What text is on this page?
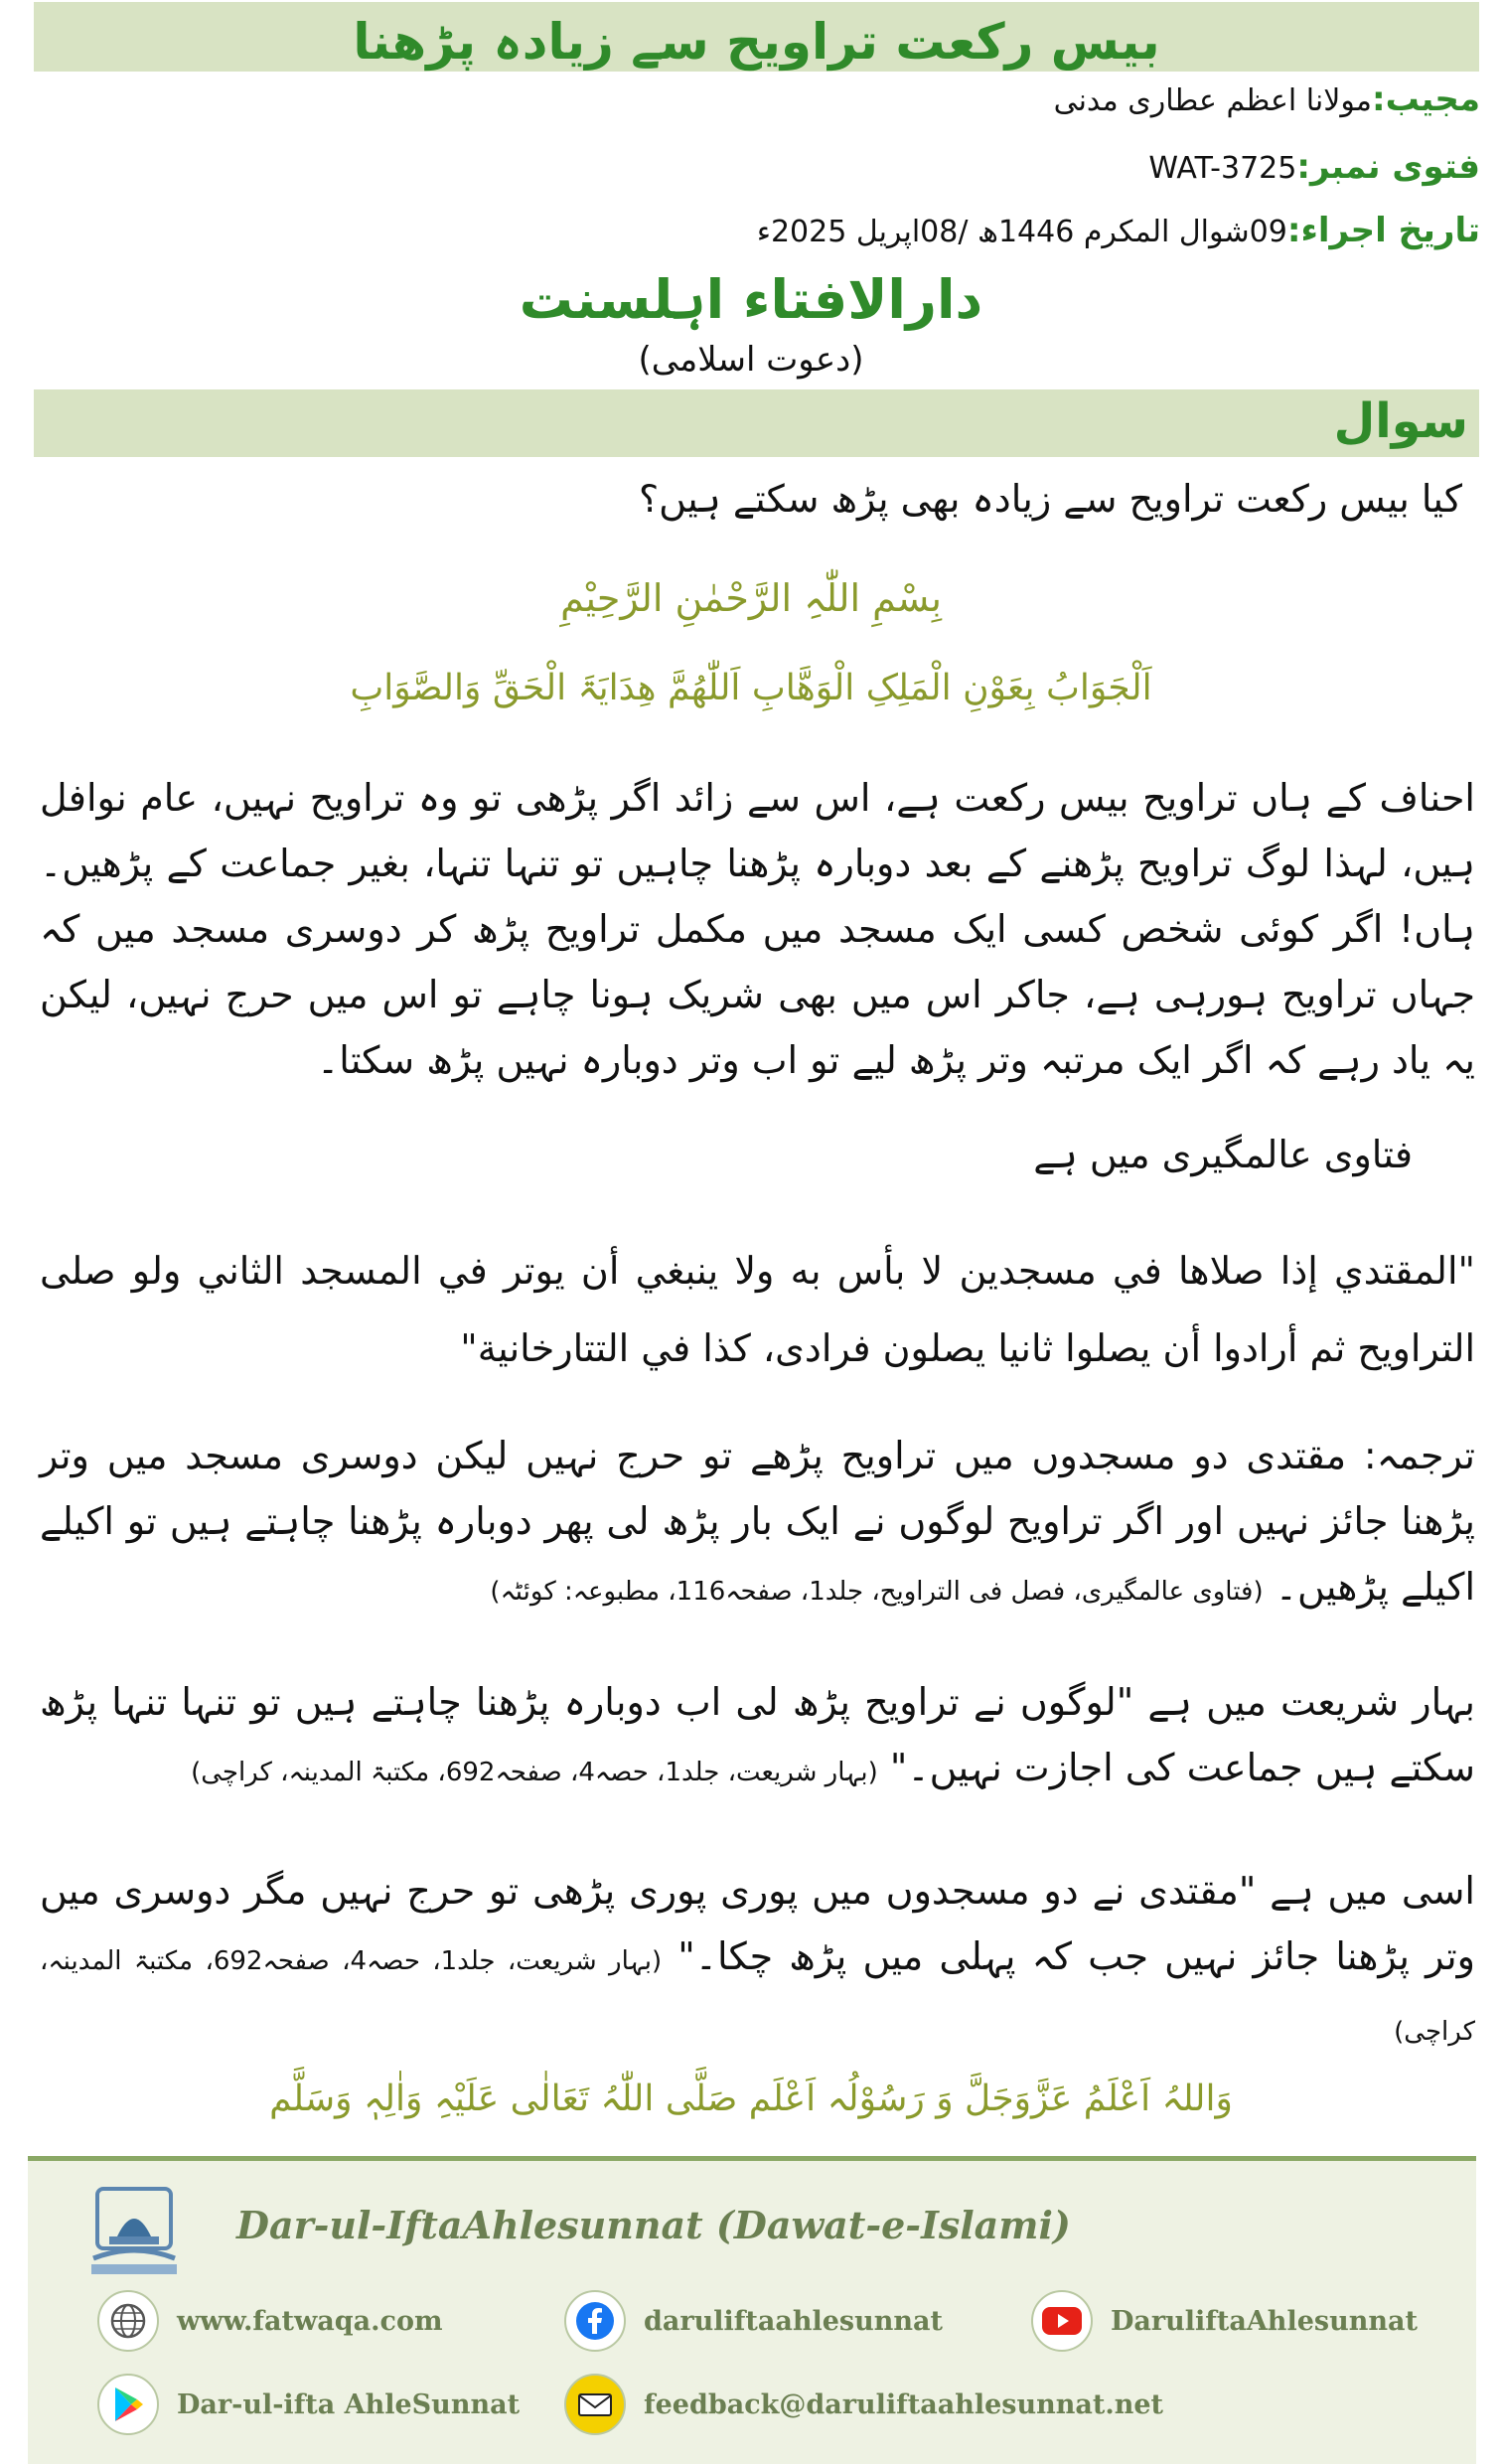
بیس رکعت تراویح سے زیادہ پڑھنا
مجیب:مولانا اعظم عطاری مدنی
فتوی نمبر:WAT-3725
تاریخ اجراء:09شوال المکرم 1446ھ /08اپریل 2025ء
دارالافتاء اہلسنت
(دعوت اسلامی)
سوال
کیا بیس رکعت تراویح سے زیادہ بھی پڑھ سکتے ہیں؟
بِسْمِ اللّٰہِ الرَّحْمٰنِ الرَّحِیْمِ
اَلْجَوَابُ بِعَوْنِ الْمَلِکِ الْوَھَّابِ اَللّٰھُمَّ ھِدَایَۃَ الْحَقِّ وَالصَّوَابِ
احناف کے ہاں تراویح بیس رکعت ہے، اس سے زائد اگر پڑھی تو وہ تراویح نہیں، عام نوافل ہیں، لہذا لوگ تراویح پڑھنے کے بعد دوبارہ پڑھنا چاہیں تو تنہا تنہا، بغیر جماعت کے پڑھیں۔ہاں! اگر کوئی شخص کسی ایک مسجد میں مکمل تراویح پڑھ کر دوسری مسجد میں کہ جہاں تراویح ہورہی ہے، جاکر اس میں بھی شریک ہونا چاہے تو اس میں حرج نہیں، لیکن یہ یاد رہے کہ اگر ایک مرتبہ وتر پڑھ لیے تو اب وتر دوبارہ نہیں پڑھ سکتا۔
فتاوی عالمگیری میں ہے
"المقتدي إذا صلاها في مسجدين لا بأس به ولا ينبغي أن يوتر في المسجد الثاني ولو صلى التراويح ثم أرادوا أن يصلوا ثانيا يصلون فرادى، كذا في التتارخانية"
ترجمہ: مقتدی دو مسجدوں میں تراویح پڑھے تو حرج نہیں لیکن دوسری مسجد میں وتر پڑھنا جائز نہیں اور اگر تراویح لوگوں نے ایک بار پڑھ لی پھر دوبارہ پڑھنا چاہتے ہیں تو اکیلے اکیلے پڑھیں۔ (فتاوی عالمگیری، فصل فی التراویح، جلد1، صفحہ116، مطبوعہ: کوئٹہ)
بہار شریعت میں ہے "لوگوں نے تراویح پڑھ لی اب دوبارہ پڑھنا چاہتے ہیں تو تنہا تنہا پڑھ سکتے ہیں جماعت کی اجازت نہیں۔" (بہار شریعت، جلد1، حصہ4، صفحہ692، مکتبۃ المدینہ، کراچی)
اسی میں ہے "مقتدی نے دو مسجدوں میں پوری پوری پڑھی تو حرج نہیں مگر دوسری میں وتر پڑھنا جائز نہیں جب کہ پہلی میں پڑھ چکا۔" (بہار شریعت، جلد1، حصہ4، صفحہ692، مکتبۃ المدینہ، کراچی)
وَاللہُ اَعْلَمُ عَزَّوَجَلَّ وَ رَسُوْلُہ اَعْلَم صَلَّی اللّٰہُ تَعَالٰی عَلَیْہِ وَاٰلِہٖ وَسَلَّم
Dar-ul-IftaAhlesunnat (Dawat-e-Islami)
www.fatwaqa.com	daruliftaahlesunnat	DaruliftaAhlesunnat
Dar-ul-ifta AhleSunnat	feedback@daruliftaahlesunnat.net
